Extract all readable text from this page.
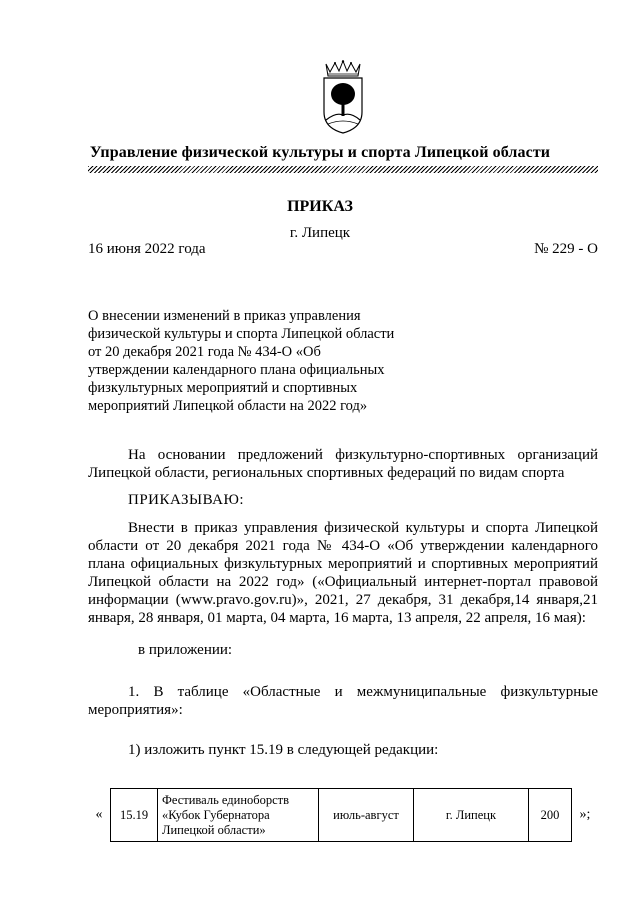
Управление физической культуры и спорта Липецкой области
ПРИКАЗ
г. Липецк
16 июня 2022 года	№ 229 - О
О внесении изменений в приказ управления физической культуры и спорта Липецкой области от 20 декабря 2021 года № 434-О «Об утверждении календарного плана официальных физкультурных мероприятий и спортивных мероприятий Липецкой области на 2022 год»
На основании предложений физкультурно-спортивных организаций Липецкой области, региональных спортивных федераций по видам спорта
ПРИКАЗЫВАЮ:
Внести в приказ управления физической культуры и спорта Липецкой области от 20 декабря 2021 года № 434-О «Об утверждении календарного плана официальных физкультурных мероприятий и спортивных мероприятий Липецкой области на 2022 год» («Официальный интернет-портал правовой информации (www.pravo.gov.ru)», 2021, 27 декабря, 31 декабря,14 января,21 января, 28 января, 01 марта, 04 марта, 16 марта, 13 апреля, 22 апреля, 16 мая):
в приложении:
1. В таблице «Областные и межмуниципальные физкультурные мероприятия»:
1) изложить пункт 15.19 в следующей редакции:
«	15.19	Фестиваль единоборств «Кубок Губернатора Липецкой области»	июль-август	г. Липецк	200	»;
